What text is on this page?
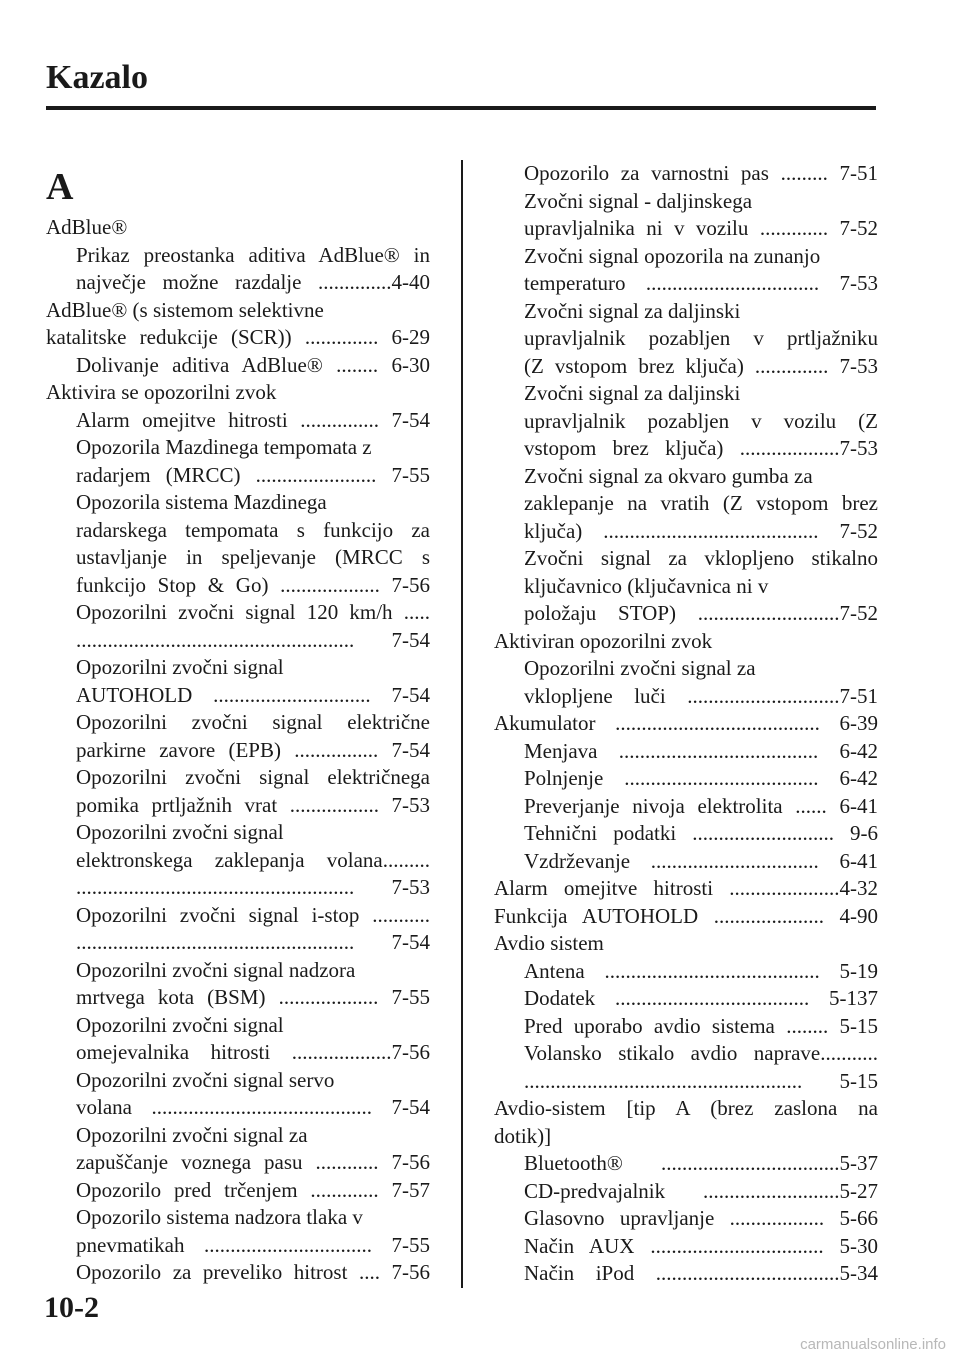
Kazalo
A
AdBlue®
Prikaz preostanka aditiva AdBlue® in
največje možne razdalje ..............4-40
AdBlue® (s sistemom selektivne
katalitske redukcije (SCR)) .............. 6-29
Dolivanje aditiva AdBlue® ........ 6-30
Aktivira se opozorilni zvok
Alarm omejitve hitrosti ............... 7-54
Opozorila Mazdinega tempomata z
radarjem (MRCC) ....................... 7-55
Opozorila sistema Mazdinega
radarskega tempomata s funkcijo za
ustavljanje in speljevanje (MRCC s
funkcijo Stop & Go) ................... 7-56
Opozorilni zvočni signal 120 km/h .....
..................................................... 7-54
Opozorilni zvočni signal
AUTOHOLD .............................. 7-54
Opozorilni zvočni signal električne
parkirne zavore (EPB) ................ 7-54
Opozorilni zvočni signal električnega
pomika prtljažnih vrat ................. 7-53
Opozorilni zvočni signal
elektronskega zaklepanja volana.........
..................................................... 7-53
Opozorilni zvočni signal i-stop ...........
..................................................... 7-54
Opozorilni zvočni signal nadzora
mrtvega kota (BSM) ................... 7-55
Opozorilni zvočni signal
omejevalnika hitrosti ...................7-56
Opozorilni zvočni signal servo
volana .......................................... 7-54
Opozorilni zvočni signal za
zapuščanje voznega pasu ............ 7-56
Opozorilo pred trčenjem ............. 7-57
Opozorilo sistema nadzora tlaka v
pnevmatikah ................................ 7-55
Opozorilo za preveliko hitrost .... 7-56
Opozorilo za varnostni pas ......... 7-51
Zvočni signal - daljinskega
upravljalnika ni v vozilu ............. 7-52
Zvočni signal opozorila na zunanjo
temperaturo ................................. 7-53
Zvočni signal za daljinski
upravljalnik pozabljen v prtljažniku
(Z vstopom brez ključa) .............. 7-53
Zvočni signal za daljinski
upravljalnik pozabljen v vozilu (Z
vstopom brez ključa) ...................7-53
Zvočni signal za okvaro gumba za
zaklepanje na vratih (Z vstopom brez
ključa) ......................................... 7-52
Zvočni signal za vklopljeno stikalno
ključavnico (ključavnica ni v
položaju STOP) ...........................7-52
Aktiviran opozorilni zvok
Opozorilni zvočni signal za
vklopljene luči .............................7-51
Akumulator ....................................... 6-39
Menjava ...................................... 6-42
Polnjenje ..................................... 6-42
Preverjanje nivoja elektrolita ...... 6-41
Tehnični podatki ........................... 9-6
Vzdrževanje ................................ 6-41
Alarm omejitve hitrosti .....................4-32
Funkcija AUTOHOLD ..................... 4-90
Avdio sistem
Antena ......................................... 5-19
Dodatek ..................................... 5-137
Pred uporabo avdio sistema ........ 5-15
Volansko stikalo avdio naprave...........
..................................................... 5-15
Avdio-sistem [tip A (brez zaslona na
dotik)]
Bluetooth® ..................................5-37
CD-predvajalnik ..........................5-27
Glasovno upravljanje .................. 5-66
Način AUX ................................. 5-30
Način iPod ...................................5-34
10-2
carmanualsonline.info
